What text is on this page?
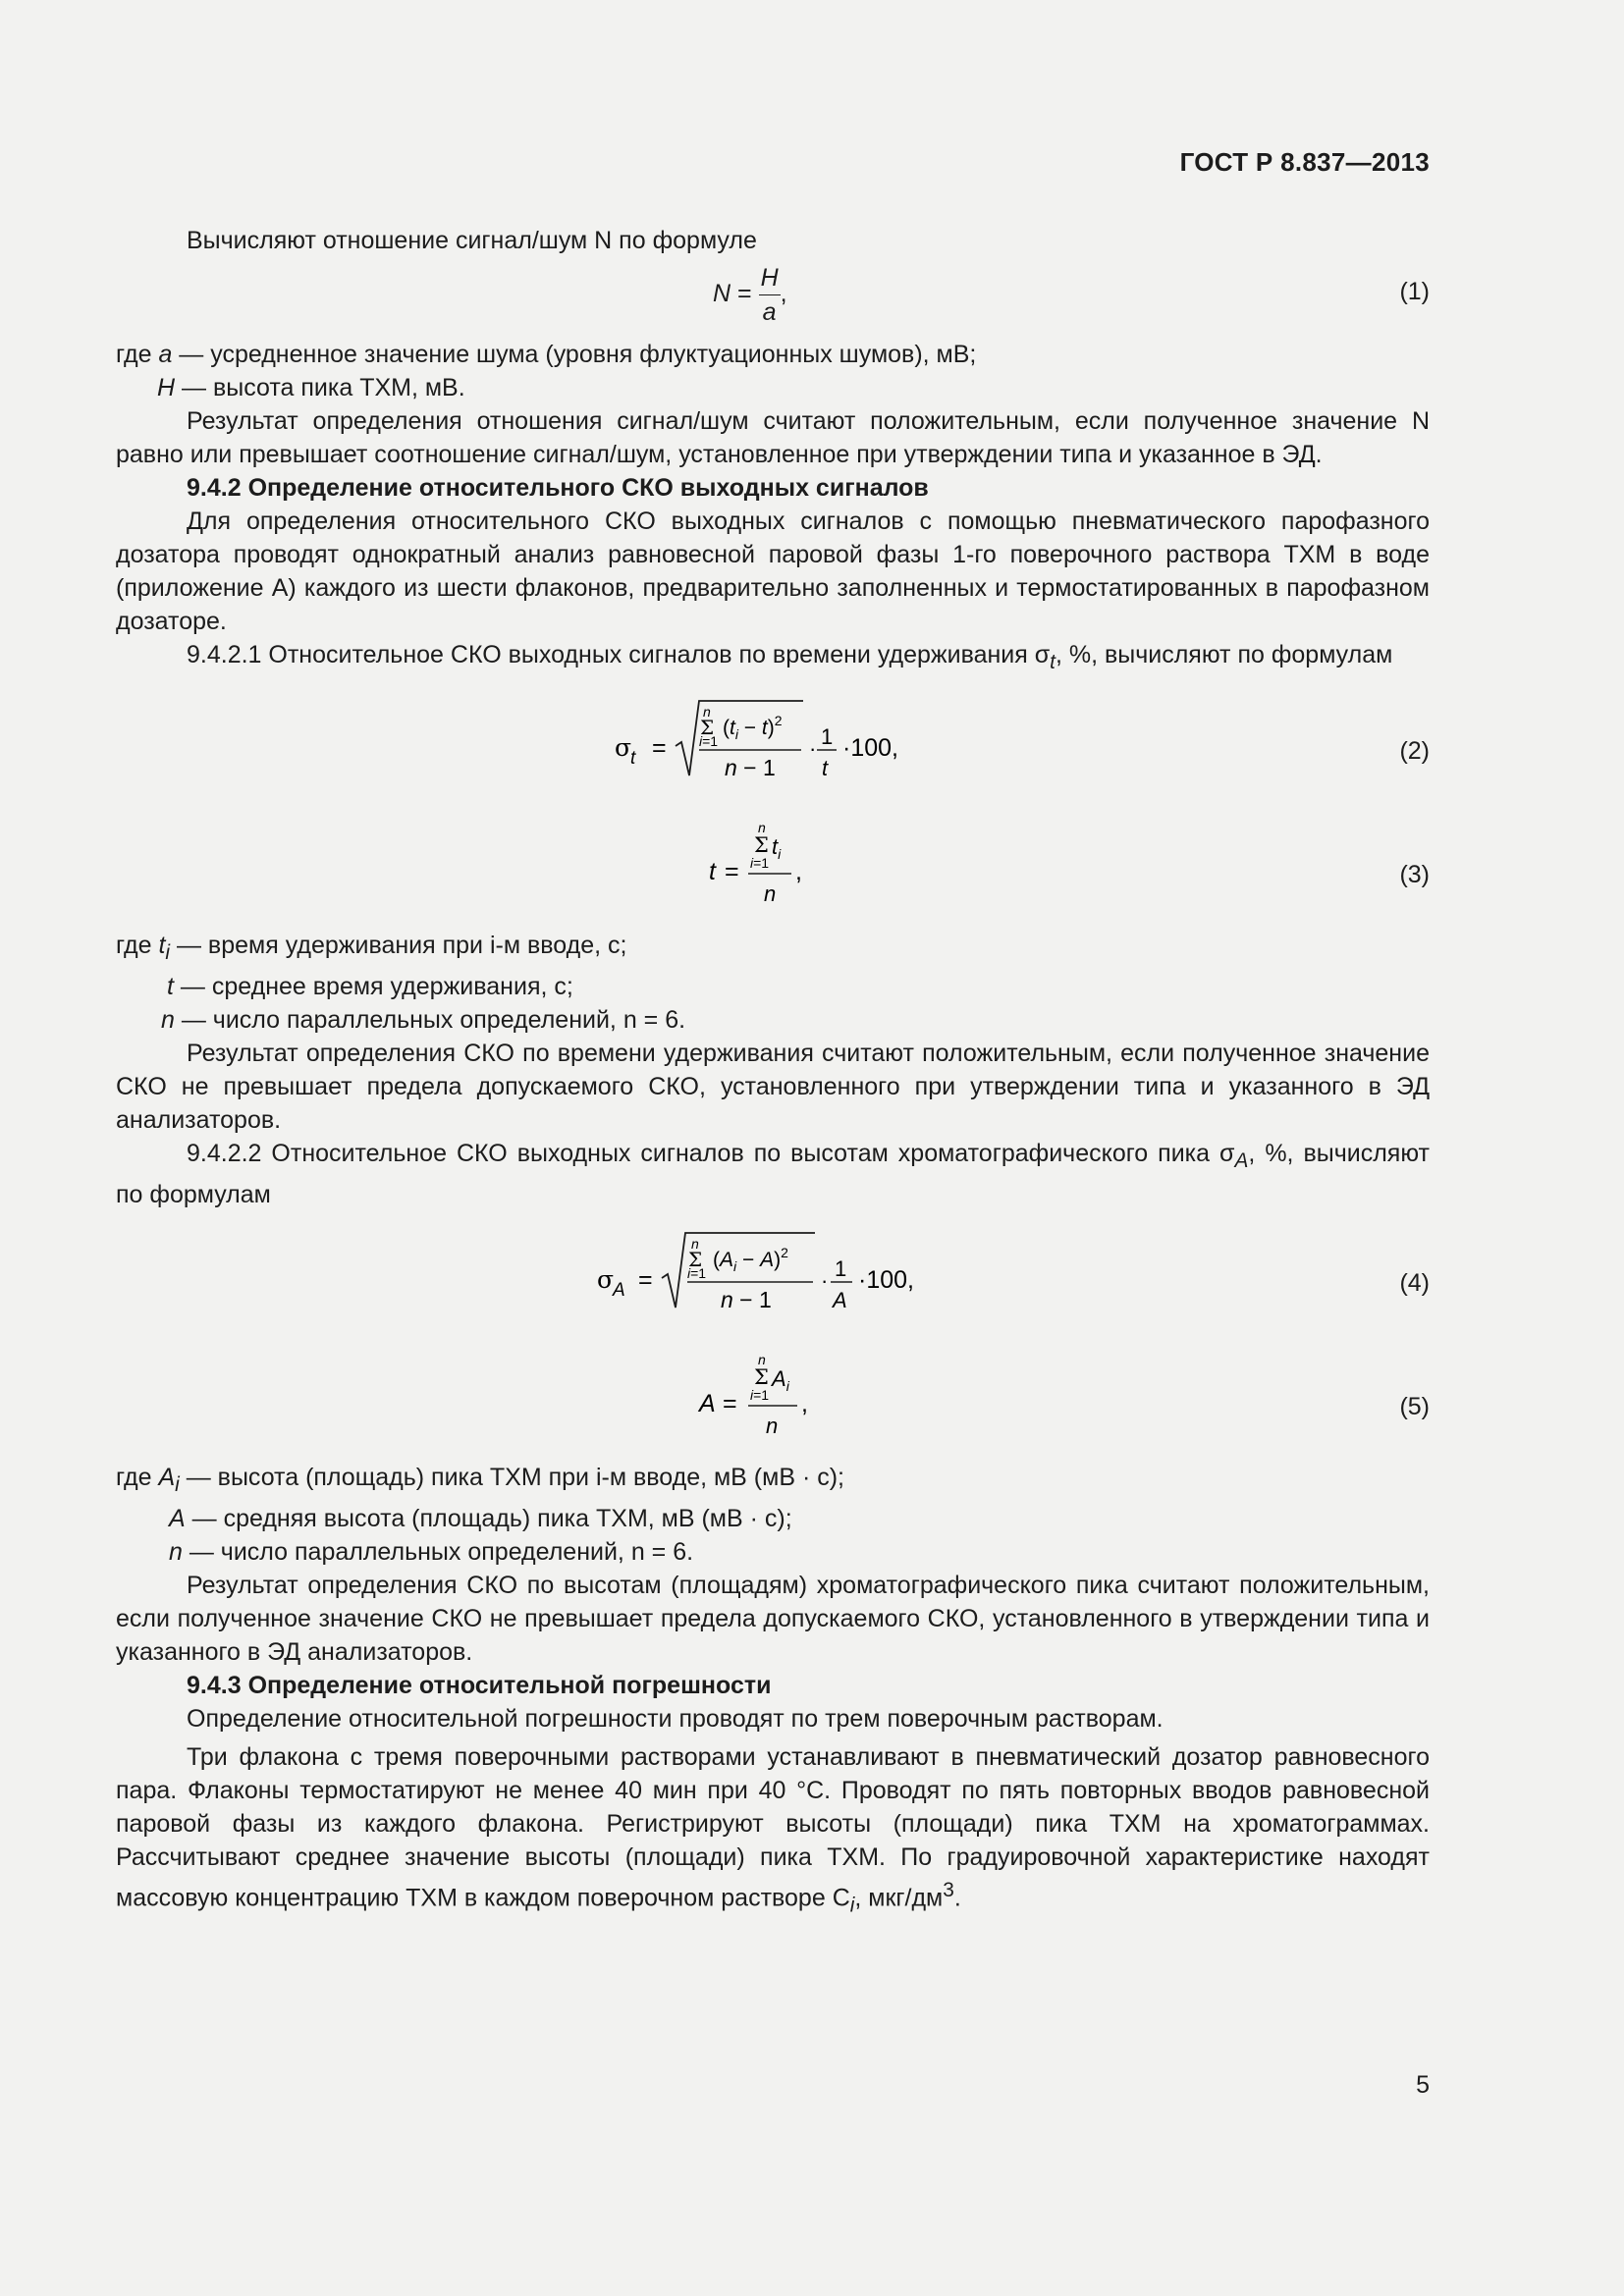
ГОСТ Р 8.837—2013

Вычисляют отношение сигнал/шум N по формуле

$N = \frac{H}{a}$ ,	(1)

где a — усредненное значение шума (уровня флуктуационных шумов), мВ;

H — высота пика ТХМ, мВ.

Результат определения отношения сигнал/шум считают положительным, если полученное значение N равно или превышает соотношение сигнал/шум, установленное при утверждении типа и указанное в ЭД.

9.4.2 Определение относительного СКО выходных сигналов

Для определения относительного СКО выходных сигналов с помощью пневматического парофазного дозатора проводят однократный анализ равновесной паровой фазы 1-го поверочного раствора ТХМ в воде (приложение А) каждого из шести флаконов, предварительно заполненных и термостатированных в парофазном дозаторе.

9.4.2.1 Относительное СКО выходных сигналов по времени удерживания $\sigma_t$, %, вычисляют по формулам

σ
t =
n
Σ
i=1
$(t_i - t)^2$
n − 1
· 1
t
·100,	(2)
t =
n
Σ $t_i$
i=1
n
,	(3)

где $t_i$ — время удерживания при i-м вводе, с;

t — среднее время удерживания, с;

n — число параллельных определений, n = 6.

Результат определения СКО по времени удерживания считают положительным, если полученное значение СКО не превышает предела допускаемого СКО, установленного при утверждении типа и указанного в ЭД анализаторов.

9.4.2.2 Относительное СКО выходных сигналов по высотам хроматографического пика $\sigma_A$, %, вычисляют по формулам

σ
A =
n
Σ
i=1
$(A_i - A)^2$
n − 1
· 1
A
·100,	(4)
A =
n
Σ $A_i$
i=1
n
,	(5)

где $A_i$ — высота (площадь) пика ТХМ при i-м вводе, мВ (мВ · с);

A — средняя высота (площадь) пика ТХМ, мВ (мВ · с);

n — число параллельных определений, n = 6.

Результат определения СКО по высотам (площадям) хроматографического пика считают положительным, если полученное значение СКО не превышает предела допускаемого СКО, установленного в утверждении типа и указанного в ЭД анализаторов.

9.4.3 Определение относительной погрешности

Определение относительной погрешности проводят по трем поверочным растворам.

Три флакона с тремя поверочными растворами устанавливают в пневматический дозатор равновесного пара. Флаконы термостатируют не менее 40 мин при 40 °С. Проводят по пять повторных вводов равновесной паровой фазы из каждого флакона. Регистрируют высоты (площади) пика ТХМ на хроматограммах. Рассчитывают среднее значение высоты (площади) пика ТХМ. По градуировочной характеристике находят массовую концентрацию ТХМ в каждом поверочном растворе $C_i$, мкг/$дм^3$.

5
